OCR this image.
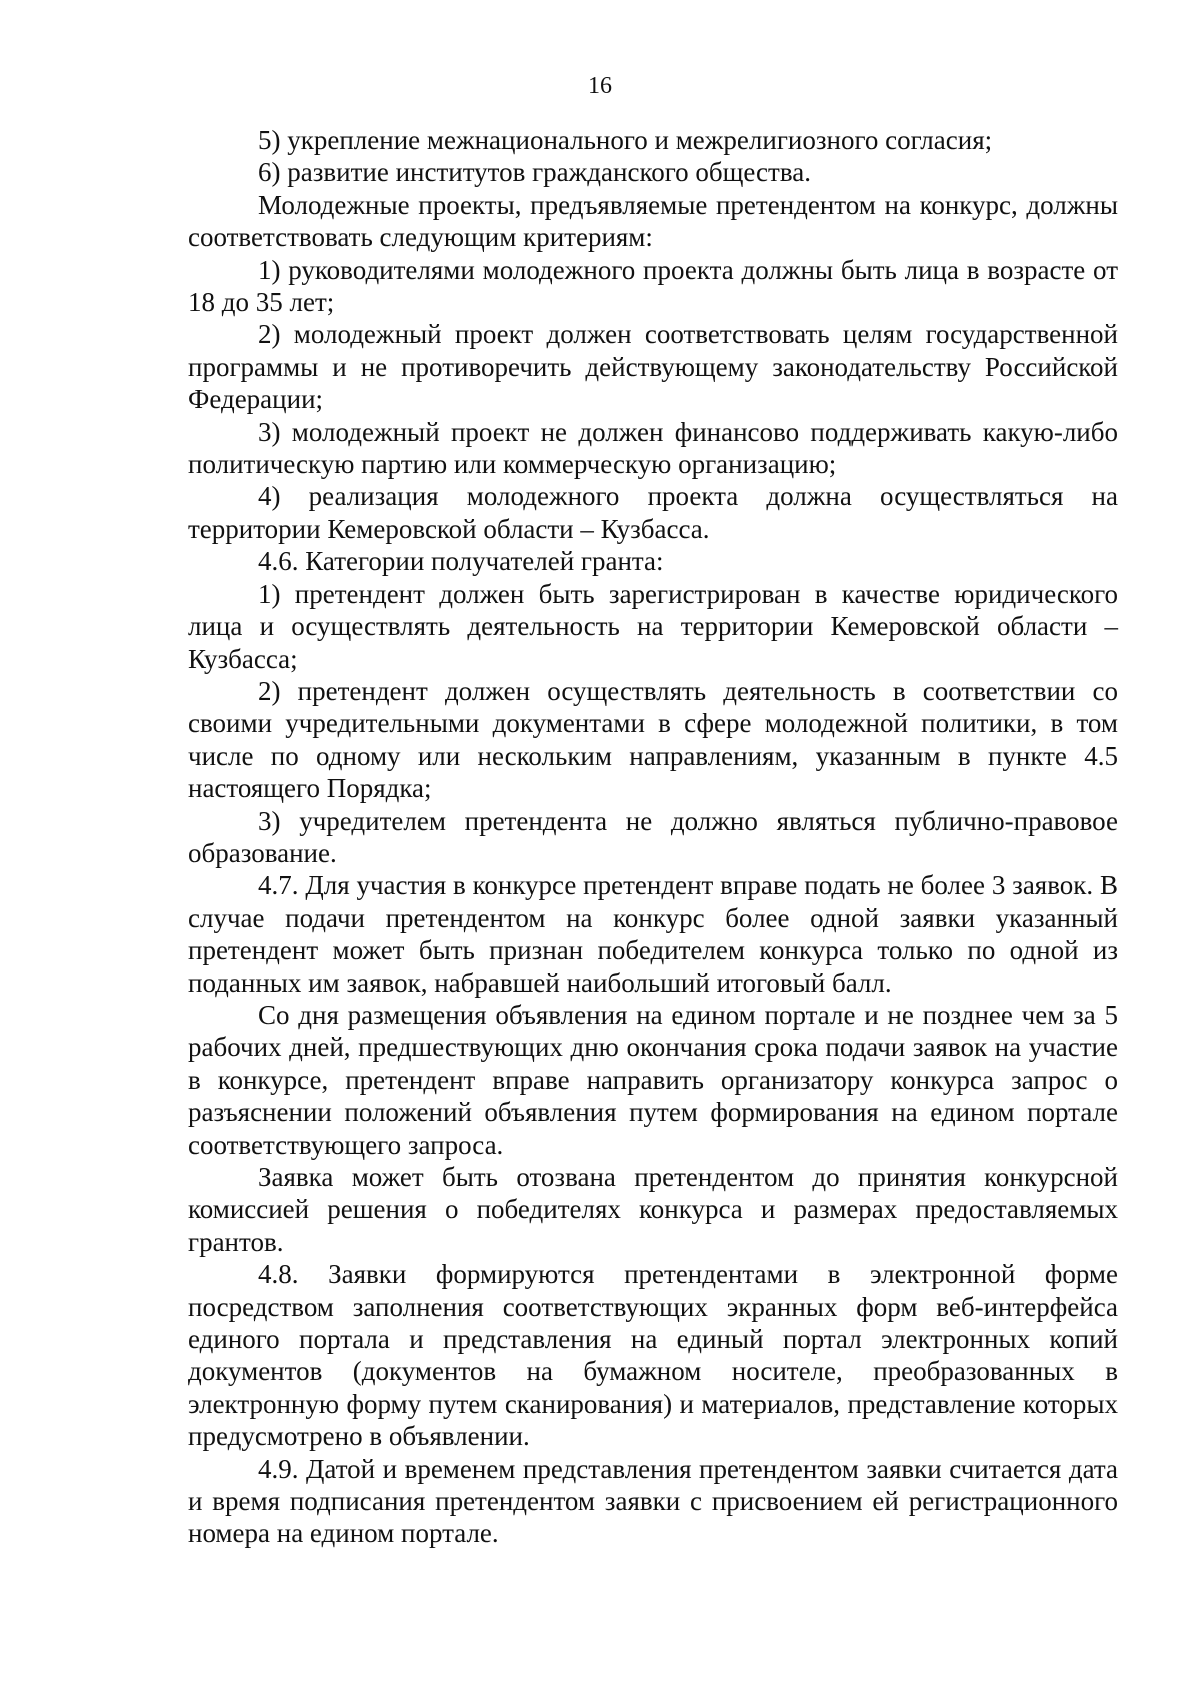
16

5) укрепление межнационального и межрелигиозного согласия;

6) развитие институтов гражданского общества.

Молодежные проекты, предъявляемые претендентом на конкурс, должны соответствовать следующим критериям:

1) руководителями молодежного проекта должны быть лица в возрасте от 18 до 35 лет;

2) молодежный проект должен соответствовать целям государственной программы и не противоречить действующему законодательству Российской Федерации;

3) молодежный проект не должен финансово поддерживать какую-либо политическую партию или коммерческую организацию;

4) реализация молодежного проекта должна осуществляться на территории Кемеровской области – Кузбасса.

4.6. Категории получателей гранта:

1) претендент должен быть зарегистрирован в качестве юридического лица и осуществлять деятельность на территории Кемеровской области – Кузбасса;

2) претендент должен осуществлять деятельность в соответствии со своими учредительными документами в сфере молодежной политики, в том числе по одному или нескольким направлениям, указанным в пункте 4.5 настоящего Порядка;

3) учредителем претендента не должно являться публично-правовое образование.

4.7. Для участия в конкурсе претендент вправе подать не более 3 заявок. В случае подачи претендентом на конкурс более одной заявки указанный претендент может быть признан победителем конкурса только по одной из поданных им заявок, набравшей наибольший итоговый балл.

Со дня размещения объявления на едином портале и не позднее чем за 5 рабочих дней, предшествующих дню окончания срока подачи заявок на участие в конкурсе, претендент вправе направить организатору конкурса запрос о разъяснении положений объявления путем формирования на едином портале соответствующего запроса.

Заявка может быть отозвана претендентом до принятия конкурсной комиссией решения о победителях конкурса и размерах предоставляемых грантов.

4.8. Заявки формируются претендентами в электронной форме посредством заполнения соответствующих экранных форм веб-интерфейса единого портала и представления на единый портал электронных копий документов (документов на бумажном носителе, преобразованных в электронную форму путем сканирования) и материалов, представление которых предусмотрено в объявлении.

4.9. Датой и временем представления претендентом заявки считается дата и время подписания претендентом заявки с присвоением ей регистрационного номера на едином портале.
